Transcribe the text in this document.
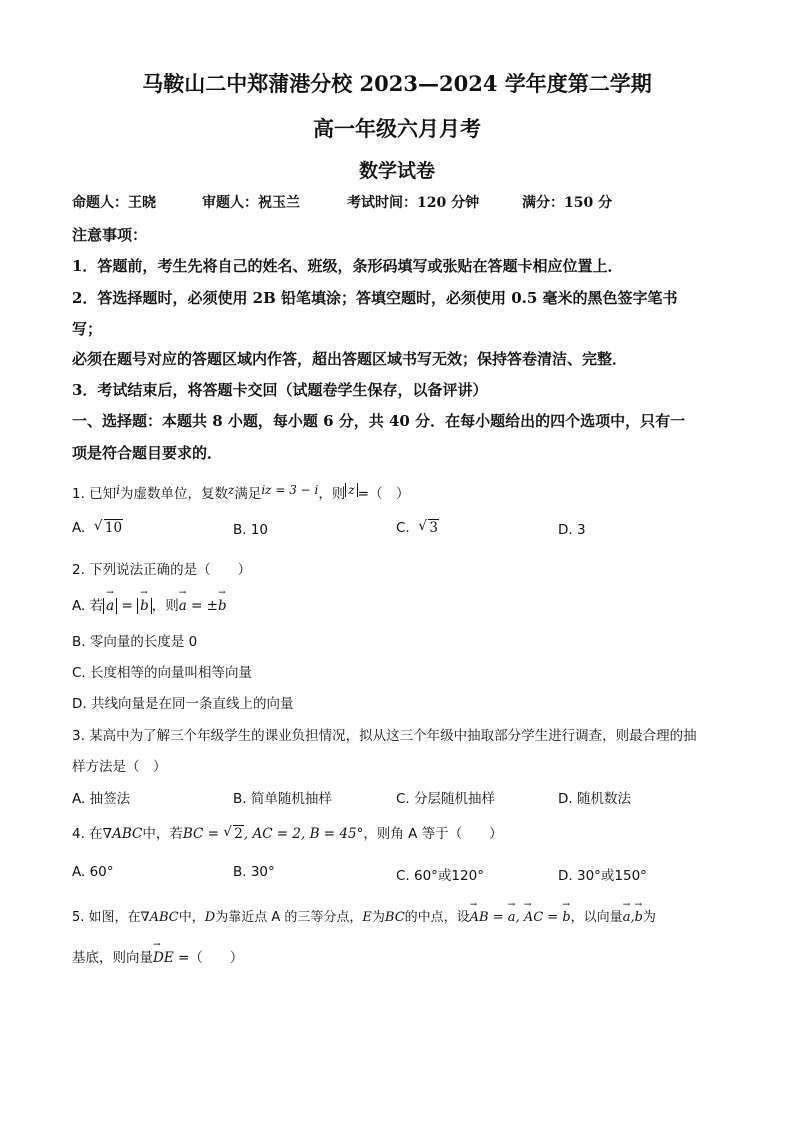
马鞍山二中郑蒲港分校 2023—2024 学年度第二学期
高一年级六月月考
数学试卷
命题人：王晓	审题人：祝玉兰	考试时间：120 分钟	满分：150 分
注意事项：
1．答题前，考生先将自己的姓名、班级，条形码填写或张贴在答题卡相应位置上．
2．答选择题时，必须使用 2B 铅笔填涂；答填空题时，必须使用 0.5 毫米的黑色签字笔书
写；
必须在题号对应的答题区域内作答，超出答题区域书写无效；保持答卷清洁、完整．
3．考试结束后，将答题卡交回（试题卷学生保存，以备评讲）
一、选择题：本题共 8 小题，每小题 6 分，共 40 分．在每小题给出的四个选项中，只有一
项是符合题目要求的．
1. 已知i为虚数单位，复数z满足iz = 3 − i，则 z =（　）
A. √ 10	B. 10	C. √ 3	D. 3
2. 下列说法正确的是（　　）
A. 若→ a = → b ，则→ a = ±→ b
B. 零向量的长度是 0
C. 长度相等的向量叫相等向量
D. 共线向量是在同一条直线上的向量
3. 某高中为了解三个年级学生的课业负担情况，拟从这三个年级中抽取部分学生进行调查，则最合理的抽
样方法是（　）
A. 抽签法	B. 简单随机抽样	C. 分层随机抽样	D. 随机数法
4. 在∇ABC中，若BC = √ 2, AC = 2, B = 45°，则角 A 等于（　　）
A. 60°	B. 30°	C. 60°或120°	D. 30°或150°
5. 如图，在∇ABC中，D为靠近点 A 的三等分点，E为BC的中点，设→ AB = → a, → AC = → b，以向量→ a,→ b为
基底，则向量→ DE =（　　）
